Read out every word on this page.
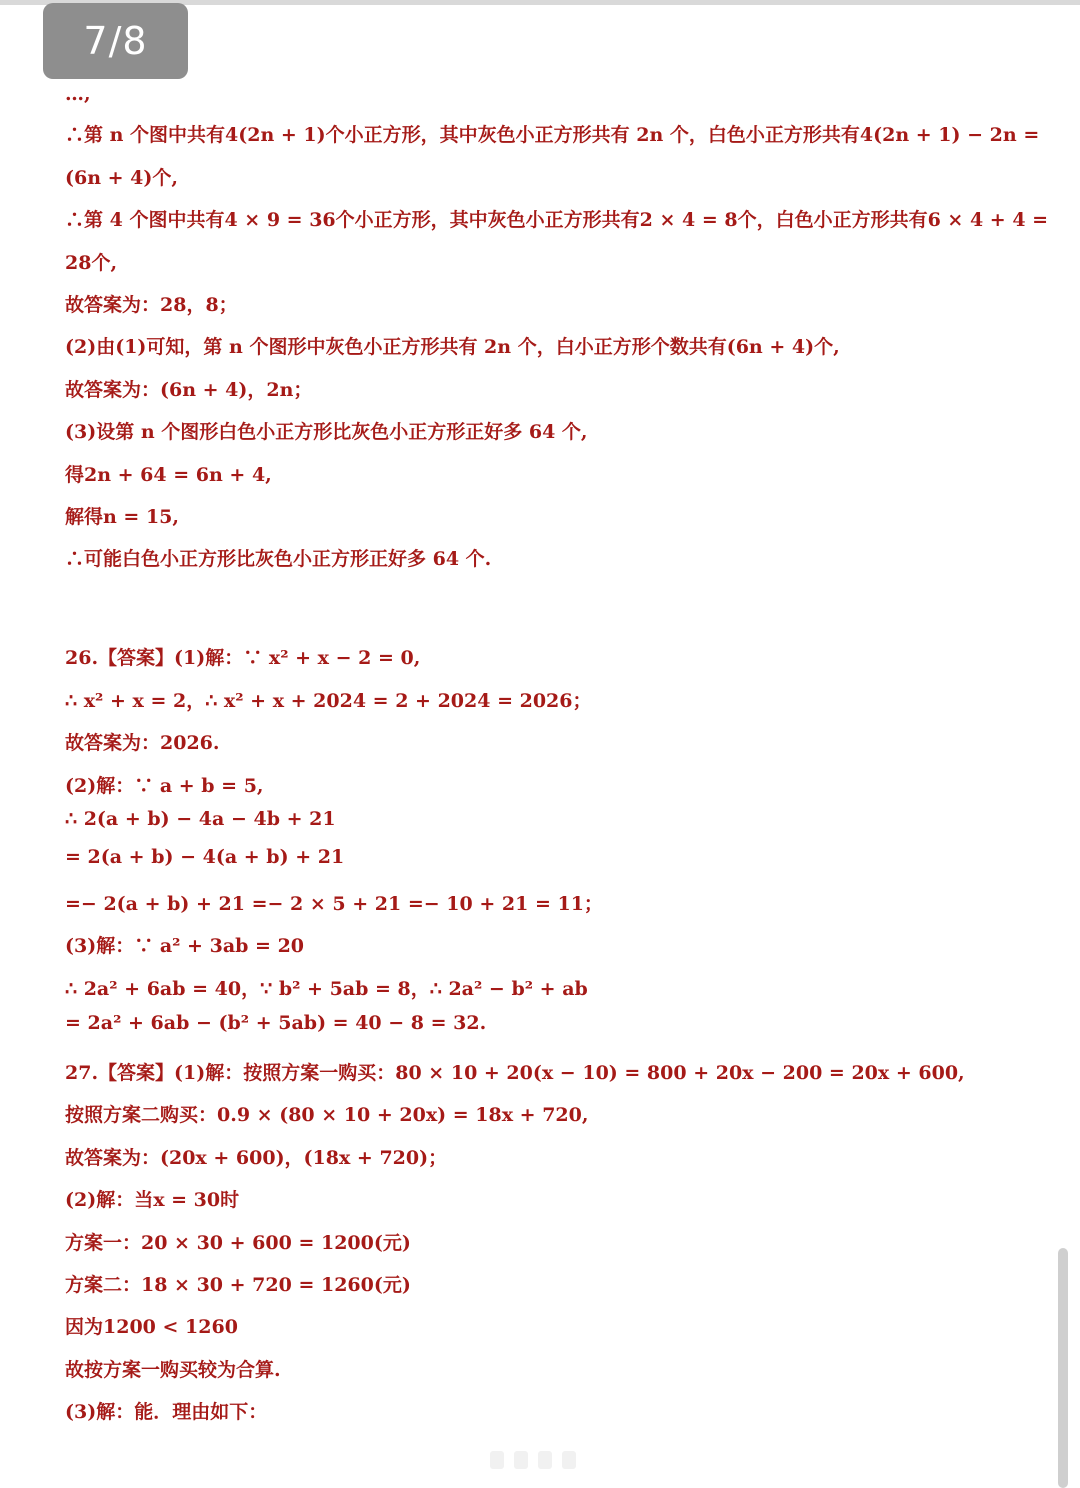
…,
∴第 n 个图中共有4(2n + 1)个小正方形，其中灰色小正方形共有 2n 个，白色小正方形共有4(2n + 1) − 2n =
(6n + 4)个,
∴第 4 个图中共有4 × 9 = 36个小正方形，其中灰色小正方形共有2 × 4 = 8个，白色小正方形共有6 × 4 + 4 =
28个,
故答案为：28，8；
(2)由(1)可知，第 n 个图形中灰色小正方形共有 2n 个，白小正方形个数共有(6n + 4)个,
故答案为：(6n + 4)，2n；
(3)设第 n 个图形白色小正方形比灰色小正方形正好多 64 个,
得2n + 64 = 6n + 4,
解得n = 15,
∴可能白色小正方形比灰色小正方形正好多 64 个.
26.【答案】(1)解：∵ x² + x − 2 = 0,
∴ x² + x = 2，∴ x² + x + 2024 = 2 + 2024 = 2026；
故答案为：2026.
(2)解：∵ a + b = 5,
∴ 2(a + b) − 4a − 4b + 21
= 2(a + b) − 4(a + b) + 21
=− 2(a + b) + 21 =− 2 × 5 + 21 =− 10 + 21 = 11；
(3)解：∵ a² + 3ab = 20
∴ 2a² + 6ab = 40，∵ b² + 5ab = 8，∴ 2a² − b² + ab
= 2a² + 6ab − (b² + 5ab) = 40 − 8 = 32.
27.【答案】(1)解：按照方案一购买：80 × 10 + 20(x − 10) = 800 + 20x − 200 = 20x + 600,
按照方案二购买：0.9 × (80 × 10 + 20x) = 18x + 720,
故答案为：(20x + 600)，(18x + 720)；
(2)解：当x = 30时
方案一：20 × 30 + 600 = 1200(元)
方案二：18 × 30 + 720 = 1260(元)
因为1200 < 1260
故按方案一购买较为合算.
(3)解：能．理由如下：
7/8
